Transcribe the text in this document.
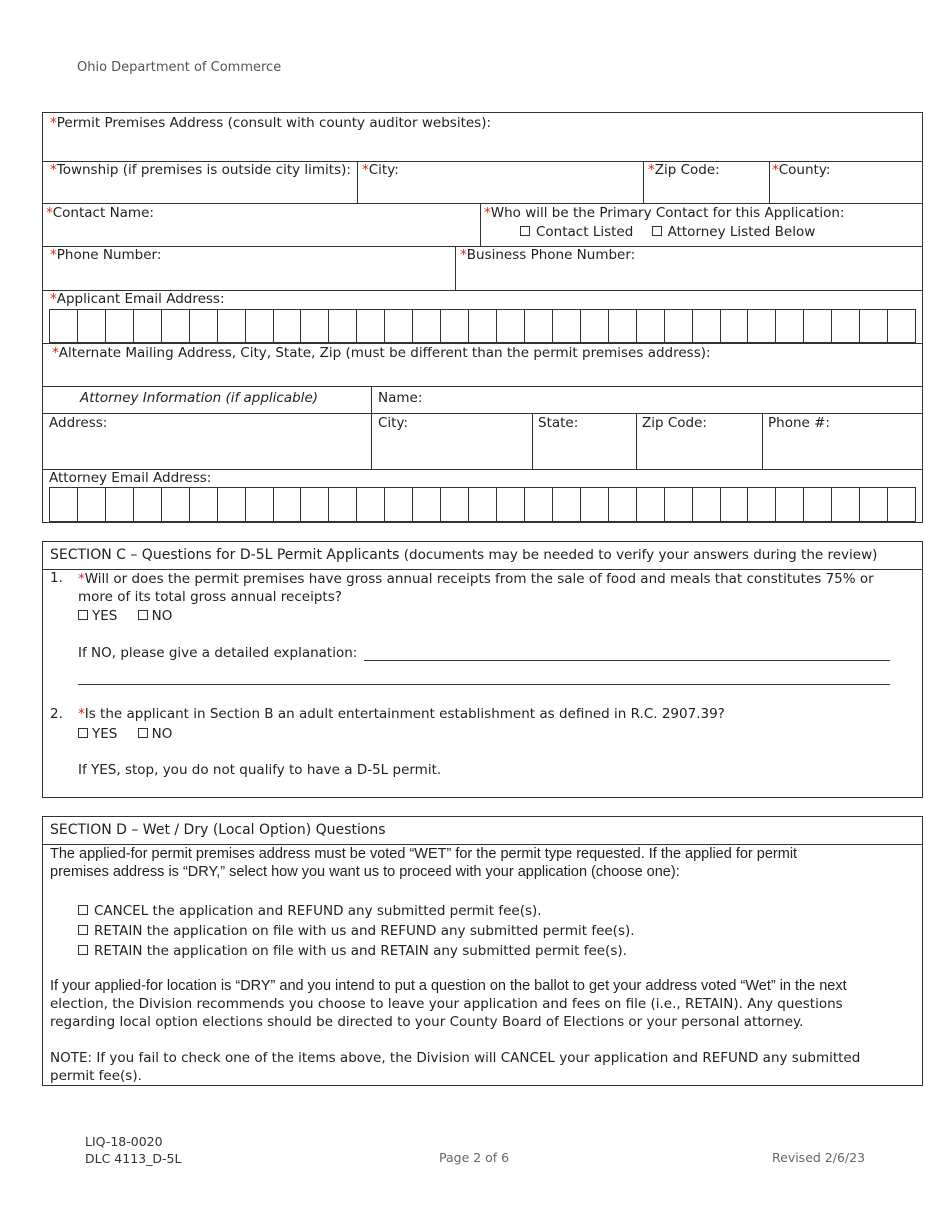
Ohio Department of Commerce
*Permit Premises Address (consult with county auditor websites):
*Township (if premises is outside city limits): *City:	*Zip Code:	*County:
*Contact Name:	*Who will be the Primary Contact for this Application:
Contact Listed	Attorney Listed Below
*Phone Number:	*Business Phone Number:
*Applicant Email Address:
*Alternate Mailing Address, City, State, Zip (must be different than the permit premises address):
Attorney Information (if applicable)	Name:
Address:	City:	State:	Zip Code:	Phone #:
Attorney Email Address:
SECTION C – Questions for D-5L Permit Applicants (documents may be needed to verify your answers during the review)
1. *Will or does the permit premises have gross annual receipts from the sale of food and meals that constitutes 75% or
more of its total gross annual receipts?
YES	NO
If NO, please give a detailed explanation:
2. *Is the applicant in Section B an adult entertainment establishment as defined in R.C. 2907.39?
YES	NO
If YES, stop, you do not qualify to have a D-5L permit.
SECTION D – Wet / Dry (Local Option) Questions
The applied-for permit premises address must be voted “WET” for the permit type requested. If the applied for permit
premises address is “DRY,” select how you want us to proceed with your application (choose one):
CANCEL the application and REFUND any submitted permit fee(s).
RETAIN the application on file with us and REFUND any submitted permit fee(s).
RETAIN the application on file with us and RETAIN any submitted permit fee(s).
If your applied-for location is “DRY” and you intend to put a question on the ballot to get your address voted “Wet” in the next
election, the Division recommends you choose to leave your application and fees on file (i.e., RETAIN). Any questions
regarding local option elections should be directed to your County Board of Elections or your personal attorney.
NOTE: If you fail to check one of the items above, the Division will CANCEL your application and REFUND any submitted
permit fee(s).
LIQ-18-0020
DLC 4113_D-5L	Page 2 of 6	Revised 2/6/23
